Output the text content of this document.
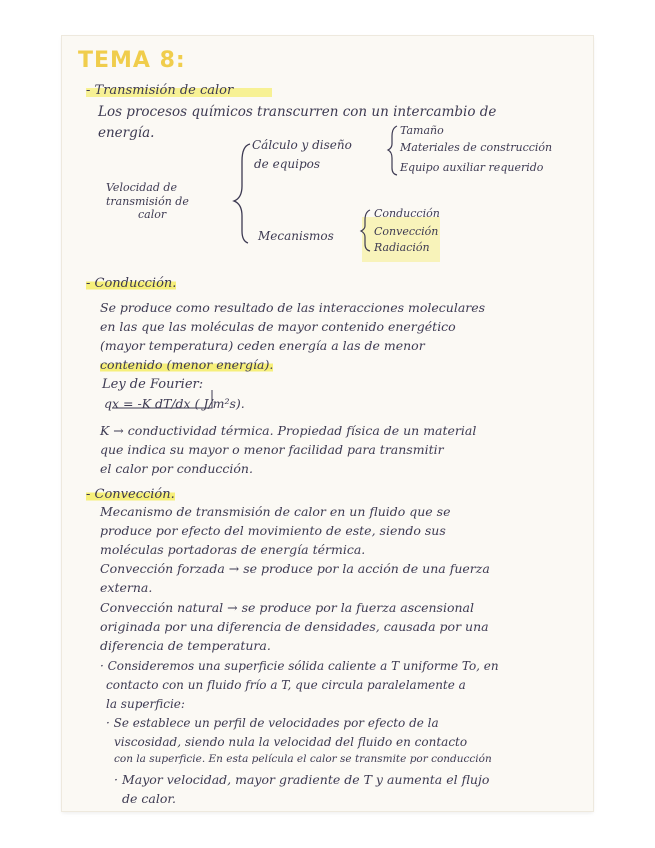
TEMA 8:
- Transmisión de calor
Los procesos químicos transcurren con un intercambio de
energía.
Velocidad de
transmisión de
calor
Cálculo y diseño
de equipos
Tamaño
Materiales de construcción
Equipo auxiliar requerido
Mecanismos
Conducción
Convección
Radiación
- Conducción.
Se produce como resultado de las interacciones moleculares
en las que las moléculas de mayor contenido energético
(mayor temperatura) ceden energía a las de menor
contenido (menor energía).
Ley de Fourier:
qx = -K dT/dx ( J/m²s).
K → conductividad térmica. Propiedad física de un material
que indica su mayor o menor facilidad para transmitir
el calor por conducción.
- Convección.
Mecanismo de transmisión de calor en un fluido que se
produce por efecto del movimiento de este, siendo sus
moléculas portadoras de energía térmica.
Convección forzada → se produce por la acción de una fuerza
externa.
Convección natural → se produce por la fuerza ascensional
originada por una diferencia de densidades, causada por una
diferencia de temperatura.
· Consideremos una superficie sólida caliente a T uniforme To, en
contacto con un fluido frío a T, que circula paralelamente a
la superficie:
· Se establece un perfil de velocidades por efecto de la
viscosidad, siendo nula la velocidad del fluido en contacto
con la superficie. En esta película el calor se transmite por conducción
· Mayor velocidad, mayor gradiente de T y aumenta el flujo
de calor.
